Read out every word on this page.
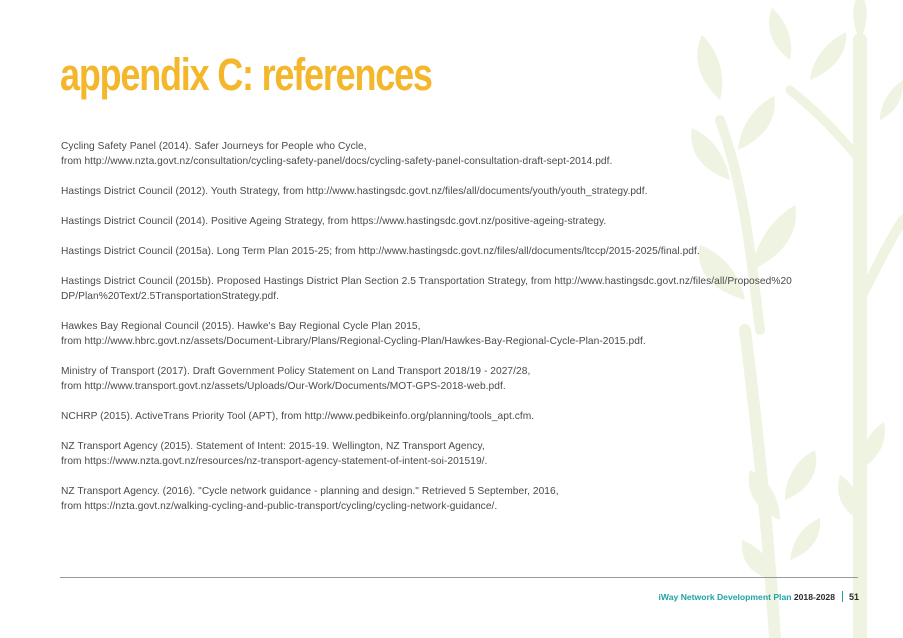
appendix C: references
Cycling Safety Panel (2014). Safer Journeys for People who Cycle,
from http://www.nzta.govt.nz/consultation/cycling-safety-panel/docs/cycling-safety-panel-consultation-draft-sept-2014.pdf.
Hastings District Council (2012). Youth Strategy, from http://www.hastingsdc.govt.nz/files/all/documents/youth/youth_strategy.pdf.
Hastings District Council (2014). Positive Ageing Strategy, from https://www.hastingsdc.govt.nz/positive-ageing-strategy.
Hastings District Council (2015a). Long Term Plan 2015-25; from http://www.hastingsdc.govt.nz/files/all/documents/ltccp/2015-2025/final.pdf.
Hastings District Council (2015b). Proposed Hastings District Plan Section 2.5 Transportation Strategy, from http://www.hastingsdc.govt.nz/files/all/Proposed%20
DP/Plan%20Text/2.5TransportationStrategy.pdf.
Hawkes Bay Regional Council (2015). Hawke's Bay Regional Cycle Plan 2015,
from http://www.hbrc.govt.nz/assets/Document-Library/Plans/Regional-Cycling-Plan/Hawkes-Bay-Regional-Cycle-Plan-2015.pdf.
Ministry of Transport (2017). Draft Government Policy Statement on Land Transport 2018/19 - 2027/28,
from http://www.transport.govt.nz/assets/Uploads/Our-Work/Documents/MOT-GPS-2018-web.pdf.
NCHRP (2015). ActiveTrans Priority Tool (APT), from http://www.pedbikeinfo.org/planning/tools_apt.cfm.
NZ Transport Agency (2015). Statement of Intent: 2015-19. Wellington, NZ Transport Agency,
from https://www.nzta.govt.nz/resources/nz-transport-agency-statement-of-intent-soi-201519/.
NZ Transport Agency. (2016). "Cycle network guidance - planning and design." Retrieved 5 September, 2016,
from https://nzta.govt.nz/walking-cycling-and-public-transport/cycling/cycling-network-guidance/.
iWay
Network Development Plan
2018-2028 51
